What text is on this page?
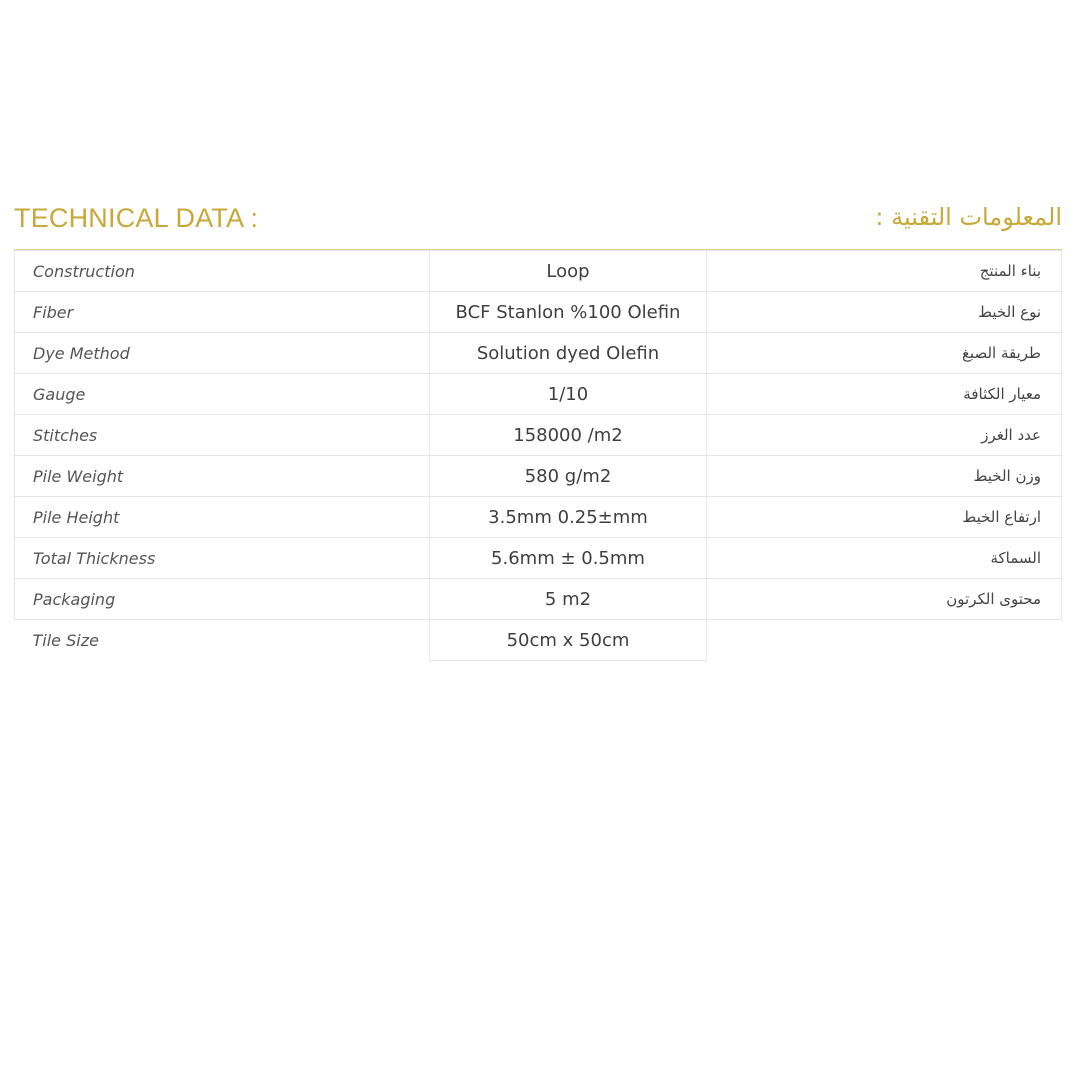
TECHNICAL DATA :	المعلومات التقنية :
Construction	Loop	بناء المنتج
Fiber	BCF Stanlon %100 Olefin	نوع الخيط
Dye Method	Solution dyed Olefin	طريقة الصبغ
Gauge	1/10	معيار الكثافة
Stitches	158000 /m2	عدد الغرز
Pile Weight	580 g/m2	وزن الخيط
Pile Height	3.5mm 0.25±mm	ارتفاع الخيط
Total Thickness	5.6mm ± 0.5mm	السماكة
Packaging	5 m2	محتوى الكرتون
Tile Size	50cm x 50cm	
